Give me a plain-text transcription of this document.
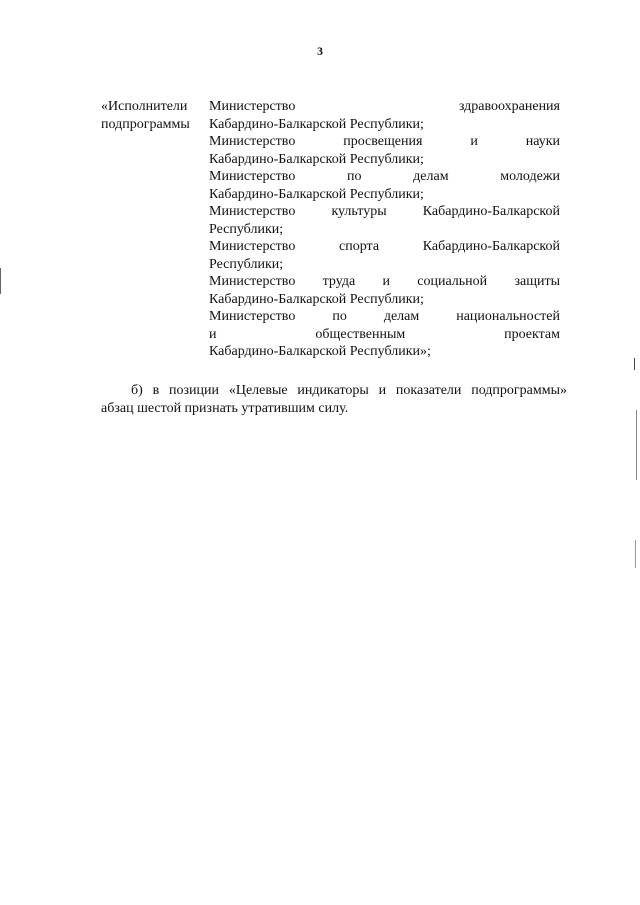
3
«Исполнители
подпрограммы
Министерство здравоохранения
Кабардино-Балкарской Республики;
Министерство просвещения и науки
Кабардино-Балкарской Республики;
Министерство по делам молодежи
Кабардино-Балкарской Республики;
Министерство культуры Кабардино-Балкарской
Республики;
Министерство спорта Кабардино-Балкарской
Республики;
Министерство труда и социальной защиты
Кабардино-Балкарской Республики;
Министерство по делам национальностей
и общественным проектам
Кабардино-Балкарской Республики»;
б) в позиции «Целевые индикаторы и показатели подпрограммы»
абзац шестой признать утратившим силу.
